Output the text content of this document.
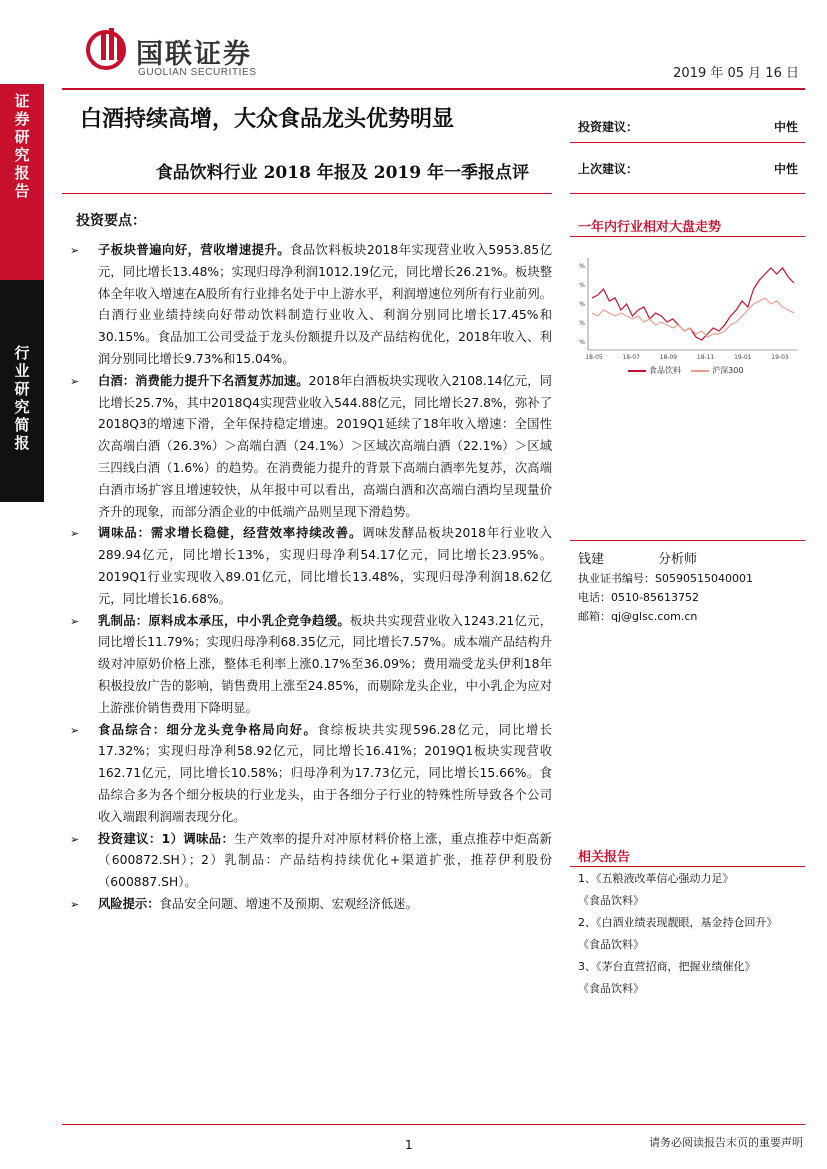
证
券
研
究
报
告
行
业
研
究
简
报
国联证券
GUOLIAN SECURITIES	2019 年 05 月 16 日
白酒持续高增，大众食品龙头优势明显
食品饮料行业 2018 年报及 2019 年一季报点评
投资建议：	中性
上次建议：	中性
一年内行业相对大盘走势
%
%
%
%
%
18-05	18-07	18-09	18-11	19-01	19-03
食品饮料	沪深300
投资要点：
➢ 子板块普遍向好，营收增速提升。食品饮料板块2018年实现营业收入5953.85亿元，同比增长13.48%；实现归母净利润1012.19亿元，同比增长26.21%。板块整体全年收入增速在A股所有行业排名处于中上游水平，利润增速位列所有行业前列。白酒行业业绩持续向好带动饮料制造行业收入、利润分别同比增长17.45%和30.15%。食品加工公司受益于龙头份额提升以及产品结构优化，2018年收入、利润分别同比增长9.73%和15.04%。
➢ 白酒：消费能力提升下名酒复苏加速。2018年白酒板块实现收入2108.14亿元，同比增长25.7%，其中2018Q4实现营业收入544.88亿元，同比增长27.8%，弥补了2018Q3的增速下滑，全年保持稳定增速。2019Q1延续了18年收入增速：全国性次高端白酒（26.3%）＞高端白酒（24.1%）＞区域次高端白酒（22.1%）＞区域三四线白酒（1.6%）的趋势。在消费能力提升的背景下高端白酒率先复苏，次高端白酒市场扩容且增速较快，从年报中可以看出，高端白酒和次高端白酒均呈现量价齐升的现象，而部分酒企业的中低端产品则呈现下滑趋势。
➢ 调味品：需求增长稳健，经营效率持续改善。调味发酵品板块2018年行业收入289.94亿元，同比增长13%，实现归母净利54.17亿元，同比增长23.95%。2019Q1行业实现收入89.01亿元，同比增长13.48%，实现归母净利润18.62亿元，同比增长16.68%。
➢ 乳制品：原料成本承压，中小乳企竞争趋缓。板块共实现营业收入1243.21亿元，同比增长11.79%；实现归母净利68.35亿元，同比增长7.57%。成本端产品结构升级对冲原奶价格上涨，整体毛利率上涨0.17%至36.09%；费用端受龙头伊利18年积极投放广告的影响，销售费用上涨至24.85%，而剔除龙头企业，中小乳企为应对上游涨价销售费用下降明显。
➢ 食品综合：细分龙头竞争格局向好。食综板块共实现596.28亿元，同比增长17.32%；实现归母净利58.92亿元，同比增长16.41%；2019Q1板块实现营收162.71亿元，同比增长10.58%；归母净利为17.73亿元，同比增长15.66%。食品综合多为各个细分板块的行业龙头，由于各细分子行业的特殊性所导致各个公司收入端跟利润端表现分化。
➢ 投资建议：1）调味品：生产效率的提升对冲原材料价格上涨，重点推荐中炬高新（600872.SH）；2）乳制品：产品结构持续优化+渠道扩张，推荐伊利股份（600887.SH）。
➢ 风险提示：食品安全问题、增速不及预期、宏观经济低迷。
钱建	分析师
执业证书编号：S0590515040001
电话：0510-85613752
邮箱：qj@glsc.com.cn
相关报告
1、《五粮液改革信心强动力足》
《食品饮料》
2、《白酒业绩表现靓眼，基金持仓回升》
《食品饮料》
3、《茅台直营招商，把握业绩催化》
《食品饮料》
1	请务必阅读报告末页的重要声明
